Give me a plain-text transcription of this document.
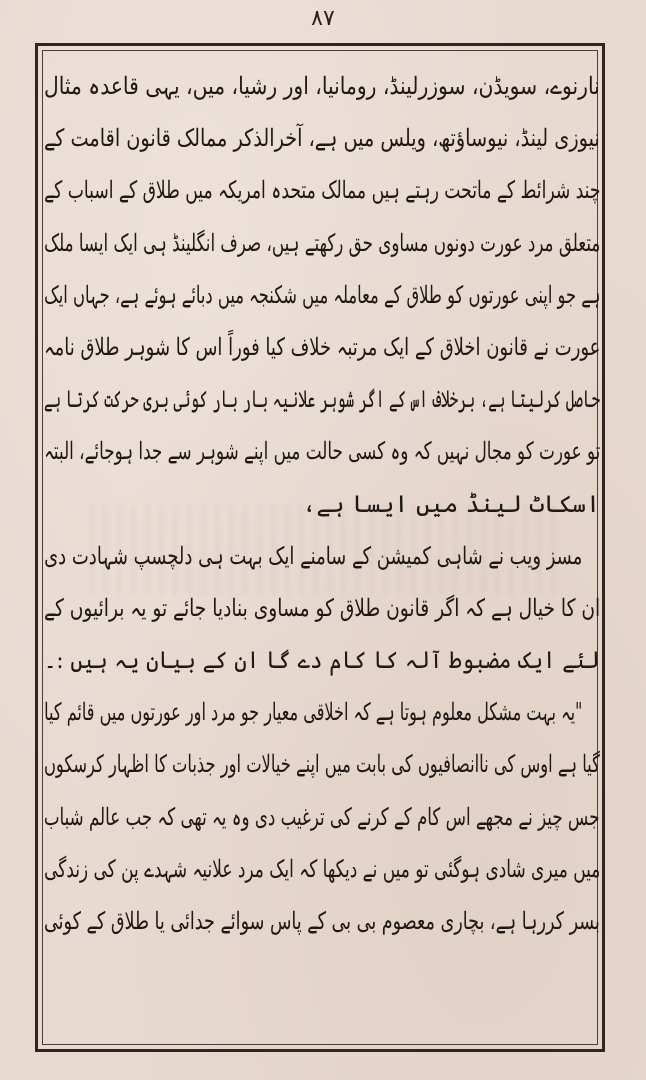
۸۷
نارنوے، سویڈن، سوزرلینڈ، رومانیا، اور رشیا، میں، یہی قاعدہ مثال
نیوزی لینڈ، نیوساؤتھ، ویلس میں ہے، آخرالذکر ممالک قانون اقامت کے
چند شرائط کے ماتحت رہتے ہیں ممالک متحدہ امریکہ میں طلاق کے اسباب کے
متعلق مرد عورت دونوں مساوی حق رکھتے ہیں، صرف انگلینڈ ہی ایک ایسا ملک
ہے جو اپنی عورتوں کو طلاق کے معاملہ میں شکنجہ میں دبائے ہوئے ہے، جہاں ایک
عورت نے قانون اخلاق کے ایک مرتبہ خلاف کیا فوراً اس کا شوہر طلاق نامہ
حاصل کرلیتا ہے، برخلاف اس کے اگر شوہر علانیہ بار بار کوئی بری حرکت کرتا ہے
تو عورت کو مجال نہیں کہ وہ کسی حالت میں اپنے شوہر سے جدا ہوجائے، البتہ
اسکاٹ لینڈ میں ایسا ہے،
مسز ویب نے شاہی کمیشن کے سامنے ایک بہت ہی دلچسپ شہادت دی
ان کا خیال ہے کہ اگر قانون طلاق کو مساوی بنادیا جائے تو یہ برائیوں کے
لئے ایک مضبوط آلہ کا کام دے گا ان کے بیان یہ ہیں :۔
"یہ بہت مشکل معلوم ہوتا ہے کہ اخلاقی معیار جو مرد اور عورتوں میں قائم کیا
گیا ہے اوس کی ناانصافیوں کی بابت میں اپنے خیالات اور جذبات کا اظہار کرسکوں
جس چیز نے مجھے اس کام کے کرنے کی ترغیب دی وہ یہ تھی کہ جب عالم شباب
میں میری شادی ہوگئی تو میں نے دیکھا کہ ایک مرد علانیہ شہدے پن کی زندگی
بسر کررہا ہے، بچاری معصوم بی بی کے پاس سوائے جدائی یا طلاق کے کوئی
